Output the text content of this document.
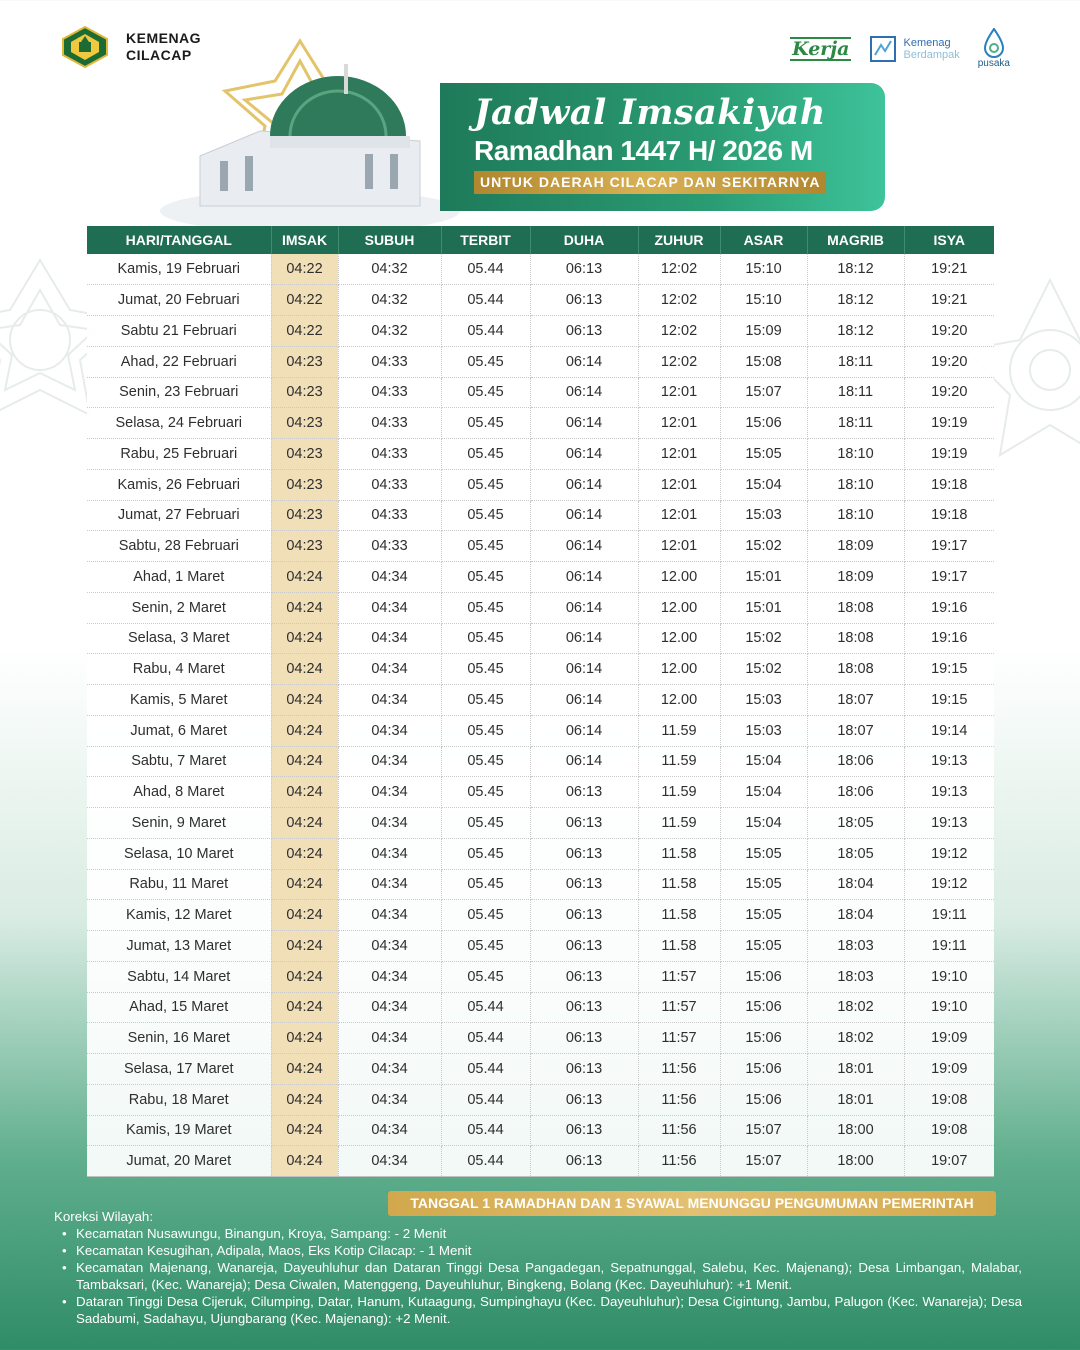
KEMENAG
CILACAP	Kerja	Kemenag
Berdampak
pusaka
Jadwal Imsakiyah
Ramadhan 1447 H/ 2026 M
UNTUK DAERAH CILACAP DAN SEKITARNYA
HARI/TANGGAL	IMSAK	SUBUH	TERBIT	DUHA	ZUHUR	ASAR	MAGRIB	ISYA
Kamis, 19 Februari	04:22	04:32	05.44	06:13	12:02	15:10	18:12	19:21
Jumat, 20 Februari	04:22	04:32	05.44	06:13	12:02	15:10	18:12	19:21
Sabtu 21 Februari	04:22	04:32	05.44	06:13	12:02	15:09	18:12	19:20
Ahad, 22 Februari	04:23	04:33	05.45	06:14	12:02	15:08	18:11	19:20
Senin, 23 Februari	04:23	04:33	05.45	06:14	12:01	15:07	18:11	19:20
Selasa, 24 Februari	04:23	04:33	05.45	06:14	12:01	15:06	18:11	19:19
Rabu, 25 Februari	04:23	04:33	05.45	06:14	12:01	15:05	18:10	19:19
Kamis, 26 Februari	04:23	04:33	05.45	06:14	12:01	15:04	18:10	19:18
Jumat, 27 Februari	04:23	04:33	05.45	06:14	12:01	15:03	18:10	19:18
Sabtu, 28 Februari	04:23	04:33	05.45	06:14	12:01	15:02	18:09	19:17
Ahad, 1 Maret	04:24	04:34	05.45	06:14	12.00	15:01	18:09	19:17
Senin, 2 Maret	04:24	04:34	05.45	06:14	12.00	15:01	18:08	19:16
Selasa, 3 Maret	04:24	04:34	05.45	06:14	12.00	15:02	18:08	19:16
Rabu, 4 Maret	04:24	04:34	05.45	06:14	12.00	15:02	18:08	19:15
Kamis, 5 Maret	04:24	04:34	05.45	06:14	12.00	15:03	18:07	19:15
Jumat, 6 Maret	04:24	04:34	05.45	06:14	11.59	15:03	18:07	19:14
Sabtu, 7 Maret	04:24	04:34	05.45	06:14	11.59	15:04	18:06	19:13
Ahad, 8 Maret	04:24	04:34	05.45	06:13	11.59	15:04	18:06	19:13
Senin, 9 Maret	04:24	04:34	05.45	06:13	11.59	15:04	18:05	19:13
Selasa, 10 Maret	04:24	04:34	05.45	06:13	11.58	15:05	18:05	19:12
Rabu, 11 Maret	04:24	04:34	05.45	06:13	11.58	15:05	18:04	19:12
Kamis, 12 Maret	04:24	04:34	05.45	06:13	11.58	15:05	18:04	19:11
Jumat, 13 Maret	04:24	04:34	05.45	06:13	11.58	15:05	18:03	19:11
Sabtu, 14 Maret	04:24	04:34	05.45	06:13	11:57	15:06	18:03	19:10
Ahad, 15 Maret	04:24	04:34	05.44	06:13	11:57	15:06	18:02	19:10
Senin, 16 Maret	04:24	04:34	05.44	06:13	11:57	15:06	18:02	19:09
Selasa, 17 Maret	04:24	04:34	05.44	06:13	11:56	15:06	18:01	19:09
Rabu, 18 Maret	04:24	04:34	05.44	06:13	11:56	15:06	18:01	19:08
Kamis, 19 Maret	04:24	04:34	05.44	06:13	11:56	15:07	18:00	19:08
Jumat, 20 Maret	04:24	04:34	05.44	06:13	11:56	15:07	18:00	19:07
TANGGAL 1 RAMADHAN DAN 1 SYAWAL MENUNGGU PENGUMUMAN PEMERINTAH
Koreksi Wilayah:
• Kecamatan Nusawungu, Binangun, Kroya, Sampang: - 2 Menit
• Kecamatan Kesugihan, Adipala, Maos, Eks Kotip Cilacap: - 1 Menit
• Kecamatan Majenang, Wanareja, Dayeuhluhur dan Dataran Tinggi Desa Pangadegan, Sepatnunggal, Salebu, Kec. Majenang); Desa Limbangan, Malabar, Tambaksari, (Kec. Wanareja); Desa Ciwalen, Matenggeng, Dayeuhluhur, Bingkeng, Bolang (Kec. Dayeuhluhur): +1 Menit.
• Dataran Tinggi Desa Cijeruk, Cilumping, Datar, Hanum, Kutaagung, Sumpinghayu (Kec. Dayeuhluhur); Desa Cigintung, Jambu, Palugon (Kec. Wanareja); Desa Sadabumi, Sadahayu, Ujungbarang (Kec. Majenang): +2 Menit.
